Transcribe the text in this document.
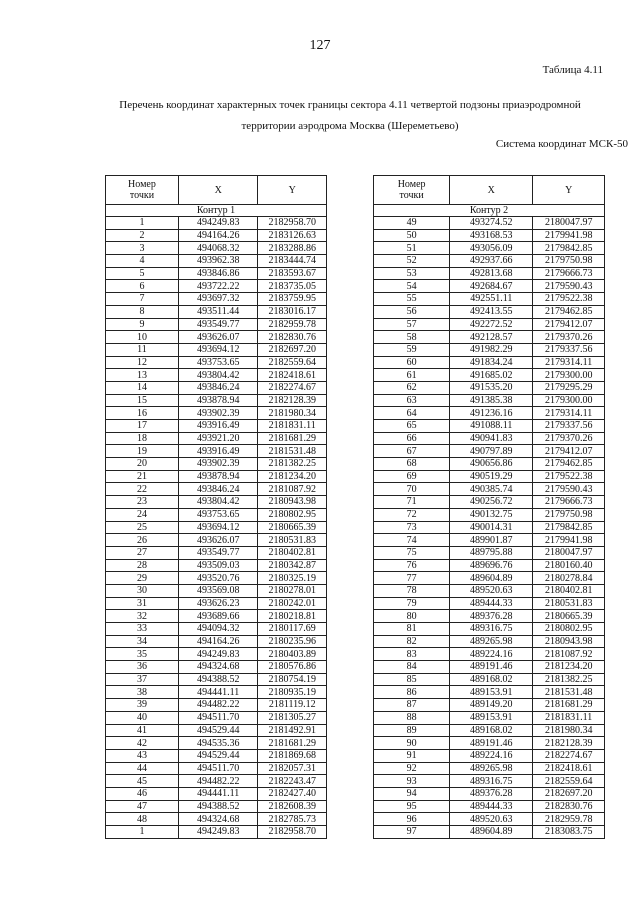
127
Таблица 4.11
Перечень координат характерных точек границы сектора 4.11 четвертой подзоны приаэродромной
территории аэродрома Москва (Шереметьево)
Система координат МСК-50
Номер
точки	X	Y
Контур 1		
1	494249.83	2182958.70
2	494164.26	2183126.63
3	494068.32	2183288.86
4	493962.38	2183444.74
5	493846.86	2183593.67
6	493722.22	2183735.05
7	493697.32	2183759.95
8	493511.44	2183016.17
9	493549.77	2182959.78
10	493626.07	2182830.76
11	493694.12	2182697.20
12	493753.65	2182559.64
13	493804.42	2182418.61
14	493846.24	2182274.67
15	493878.94	2182128.39
16	493902.39	2181980.34
17	493916.49	2181831.11
18	493921.20	2181681.29
19	493916.49	2181531.48
20	493902.39	2181382.25
21	493878.94	2181234.20
22	493846.24	2181087.92
23	493804.42	2180943.98
24	493753.65	2180802.95
25	493694.12	2180665.39
26	493626.07	2180531.83
27	493549.77	2180402.81
28	493509.03	2180342.87
29	493520.76	2180325.19
30	493569.08	2180278.01
31	493626.23	2180242.01
32	493689.66	2180218.81
33	494094.32	2180117.69
34	494164.26	2180235.96
35	494249.83	2180403.89
36	494324.68	2180576.86
37	494388.52	2180754.19
38	494441.11	2180935.19
39	494482.22	2181119.12
40	494511.70	2181305.27
41	494529.44	2181492.91
42	494535.36	2181681.29
43	494529.44	2181869.68
44	494511.70	2182057.31
45	494482.22	2182243.47
46	494441.11	2182427.40
47	494388.52	2182608.39
48	494324.68	2182785.73
1	494249.83	2182958.70
Номер
точки	X	Y
Контур 2		
49	493274.52	2180047.97
50	493168.53	2179941.98
51	493056.09	2179842.85
52	492937.66	2179750.98
53	492813.68	2179666.73
54	492684.67	2179590.43
55	492551.11	2179522.38
56	492413.55	2179462.85
57	492272.52	2179412.07
58	492128.57	2179370.26
59	491982.29	2179337.56
60	491834.24	2179314.11
61	491685.02	2179300.00
62	491535.20	2179295.29
63	491385.38	2179300.00
64	491236.16	2179314.11
65	491088.11	2179337.56
66	490941.83	2179370.26
67	490797.89	2179412.07
68	490656.86	2179462.85
69	490519.29	2179522.38
70	490385.74	2179590.43
71	490256.72	2179666.73
72	490132.75	2179750.98
73	490014.31	2179842.85
74	489901.87	2179941.98
75	489795.88	2180047.97
76	489696.76	2180160.40
77	489604.89	2180278.84
78	489520.63	2180402.81
79	489444.33	2180531.83
80	489376.28	2180665.39
81	489316.75	2180802.95
82	489265.98	2180943.98
83	489224.16	2181087.92
84	489191.46	2181234.20
85	489168.02	2181382.25
86	489153.91	2181531.48
87	489149.20	2181681.29
88	489153.91	2181831.11
89	489168.02	2181980.34
90	489191.46	2182128.39
91	489224.16	2182274.67
92	489265.98	2182418.61
93	489316.75	2182559.64
94	489376.28	2182697.20
95	489444.33	2182830.76
96	489520.63	2182959.78
97	489604.89	2183083.75
